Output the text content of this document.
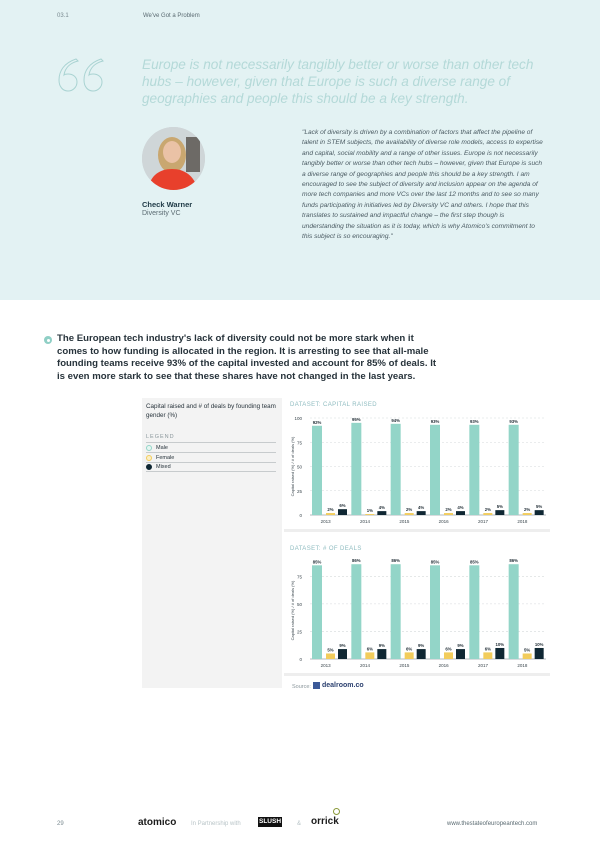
03.1	We've Got a Problem
Europe is not necessarily tangibly better or worse than other tech hubs – however, given that Europe is such a diverse range of geographies and people this should be a key strength.
Check Warner
Diversity VC
"Lack of diversity is driven by a combination of factors that affect the pipeline of talent in STEM subjects, the availability of diverse role models, access to expertise and capital, social mobility and a range of other issues. Europe is not necessarily tangibly better or worse than other tech hubs – however, given that Europe is such a diverse range of geographies and people this should be a key strength. I am encouraged to see the subject of diversity and inclusion appear on the agenda of more tech companies and more VCs over the last 12 months and to see so many funds participating in initiatives led by Diversity VC and others. I hope that this translates to sustained and impactful change – the first step though is understanding the situation as it is today, which is why Atomico's commitment to this subject is so encouraging."
The European tech industry's lack of diversity could not be more stark when it comes to how funding is allocated in the region. It is arresting to see that all-male founding teams receive 93% of the capital invested and account for 85% of deals. It is even more stark to see that these shares have not changed in the last years.
Capital raised and # of deals by founding team gender (%)
LEGEND
Male
Female
Mixed
DATASET: CAPITAL RAISED
0
25
50
75
100
Capital raised (%) / # of deals (%)
92%
2%
6%
2013
95%
1%
4%
2014
94%
2% 4%
2015
93%
2% 4%
2016
93%
2%
5%
2017
93%
2%
5%
2018
DATASET: # OF DEALS
0
25
50
75
Capital raised (%) / # of deals (%)
85%
5%
9%
2013
86%
6%
9%
2014
86%
6%
9%
2015
85%
6%
9%
2016
85%
6%
10%
2017
86%
5%
10%
2018
Source: dealroom.co
29	atomico In Partnership with	SLUSH	& orrick	www.thestateofeuropeantech.com
